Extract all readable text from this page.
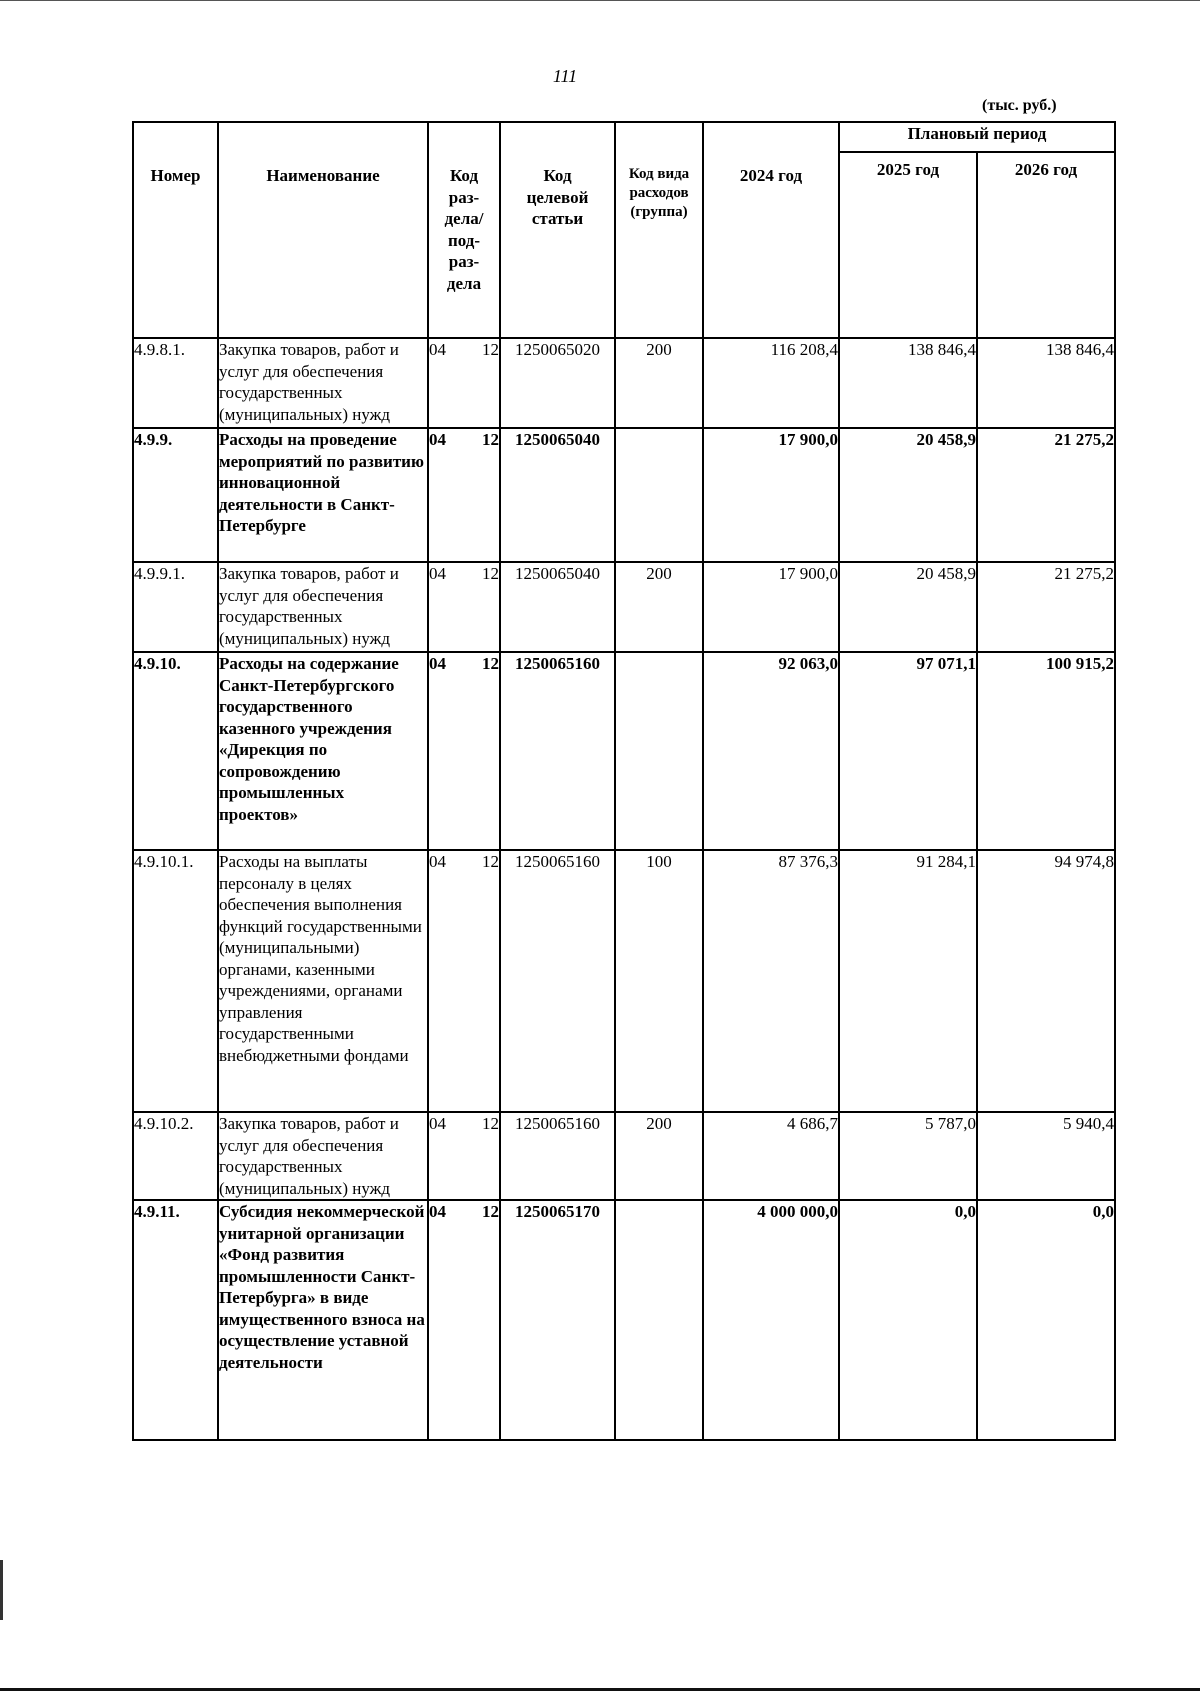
111
(тыс. руб.)
Номер	Наименование	Код раз-дела/ под-раз-дела	Код целевой статьи	Код вида расходов (группа)	2024 год	Плановый период	

						2025 год	2026 год

4.9.8.1.	Закупка товаров, работ и услуг для обеспечения государственных (муниципальных) нужд	04 12	1250065020	200	116 208,4	138 846,4	138 846,4
4.9.9.	Расходы на проведение мероприятий по развитию инновационной деятельности в Санкт-Петербурге	04 12	1250065040		17 900,0	20 458,9	21 275,2
4.9.9.1.	Закупка товаров, работ и услуг для обеспечения государственных (муниципальных) нужд	04 12	1250065040	200	17 900,0	20 458,9	21 275,2
4.9.10.	Расходы на содержание Санкт-Петербургского государственного казенного учреждения «Дирекция по сопровождению промышленных проектов»	04 12	1250065160		92 063,0	97 071,1	100 915,2
4.9.10.1.	Расходы на выплаты персоналу в целях обеспечения выполнения функций государственными (муниципальными) органами, казенными учреждениями, органами управления государственными внебюджетными фондами	04 12	1250065160	100	87 376,3	91 284,1	94 974,8
4.9.10.2.	Закупка товаров, работ и услуг для обеспечения государственных (муниципальных) нужд	04 12	1250065160	200	4 686,7	5 787,0	5 940,4
4.9.11.	Субсидия некоммерческой унитарной организации «Фонд развития промышленности Санкт-Петербурга» в виде имущественного взноса на осуществление уставной деятельности	04 12	1250065170		4 000 000,0	0,0	0,0
